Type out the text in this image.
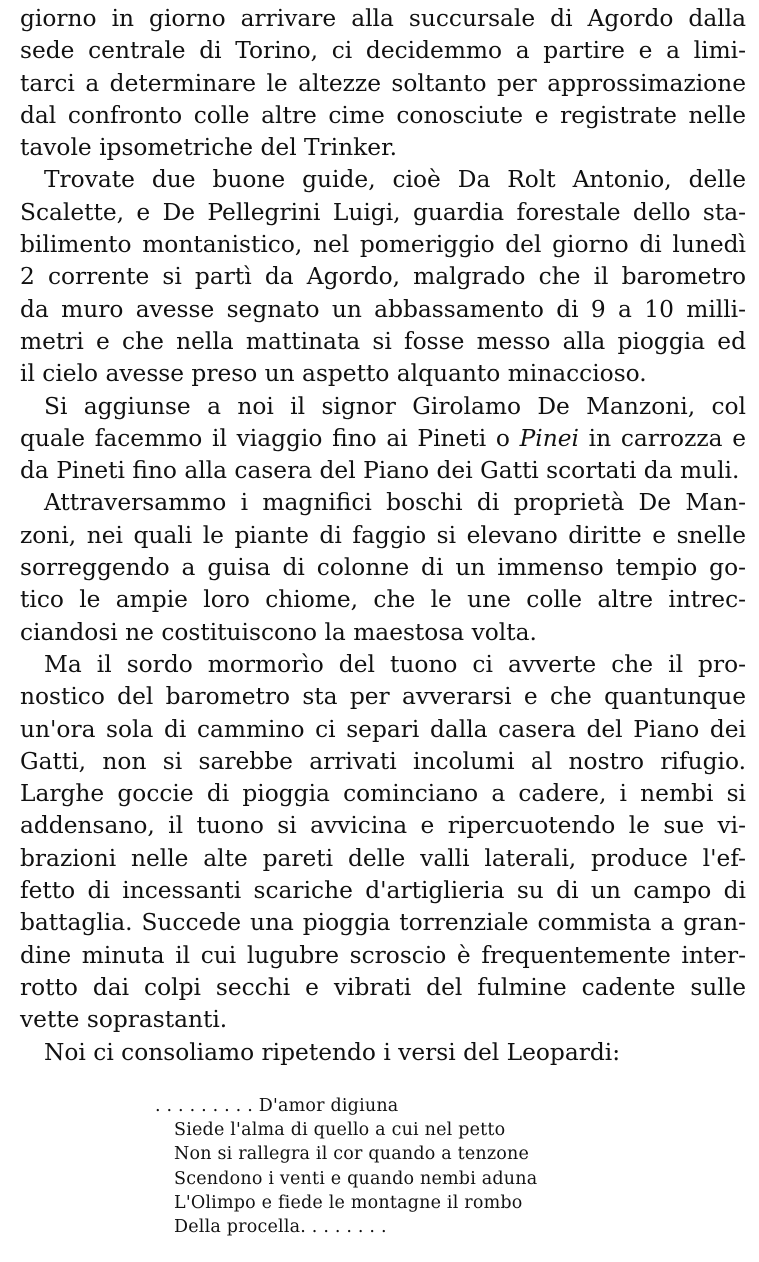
giorno in giorno arrivare alla succursale di Agordo dalla
sede centrale di Torino, ci decidemmo a partire e a limi-
tarci a determinare le altezze soltanto per approssimazione
dal confronto colle altre cime conosciute e registrate nelle
tavole ipsometriche del Trinker.
Trovate due buone guide, cioè Da Rolt Antonio, delle
Scalette, e De Pellegrini Luigi, guardia forestale dello sta-
bilimento montanistico, nel pomeriggio del giorno di lunedì
2 corrente si partì da Agordo, malgrado che il barometro
da muro avesse segnato un abbassamento di 9 a 10 milli-
metri e che nella mattinata si fosse messo alla pioggia ed
il cielo avesse preso un aspetto alquanto minaccioso.
Si aggiunse a noi il signor Girolamo De Manzoni, col
quale facemmo il viaggio fino ai Pineti o Pinei in carrozza e
da Pineti fino alla casera del Piano dei Gatti scortati da muli.
Attraversammo i magnifici boschi di proprietà De Man-
zoni, nei quali le piante di faggio si elevano diritte e snelle
sorreggendo a guisa di colonne di un immenso tempio go-
tico le ampie loro chiome, che le une colle altre intrec-
ciandosi ne costituiscono la maestosa volta.
Ma il sordo mormorìo del tuono ci avverte che il pro-
nostico del barometro sta per avverarsi e che quantunque
un'ora sola di cammino ci separi dalla casera del Piano dei
Gatti, non si sarebbe arrivati incolumi al nostro rifugio.
Larghe goccie di pioggia cominciano a cadere, i nembi si
addensano, il tuono si avvicina e ripercuotendo le sue vi-
brazioni nelle alte pareti delle valli laterali, produce l'ef-
fetto di incessanti scariche d'artiglieria su di un campo di
battaglia. Succede una pioggia torrenziale commista a gran-
dine minuta il cui lugubre scroscio è frequentemente inter-
rotto dai colpi secchi e vibrati del fulmine cadente sulle
vette soprastanti.
Noi ci consoliamo ripetendo i versi del Leopardi:
. . . . . . . . . D'amor digiuna
Siede l'alma di quello a cui nel petto
Non si rallegra il cor quando a tenzone
Scendono i venti e quando nembi aduna
L'Olimpo e fiede le montagne il rombo
Della procella. . . . . . . .
